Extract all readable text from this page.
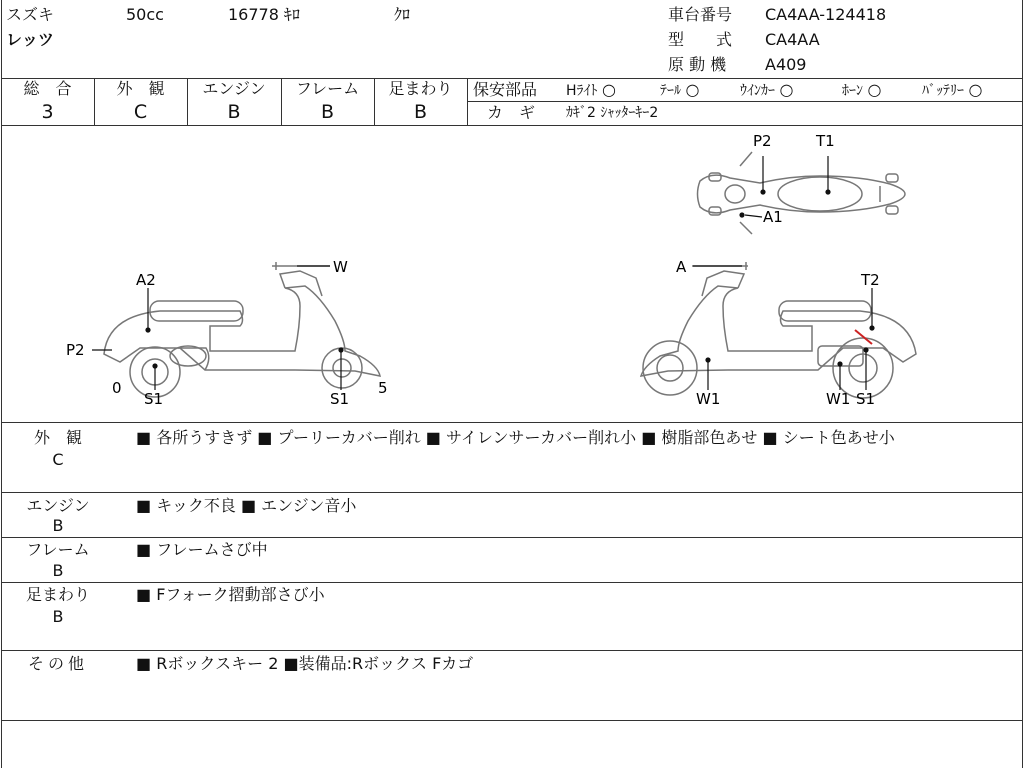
スズキ	50cc	16778 ｷﾛ	ｸﾛ
レッツ
車台番号 CA4AA-124418
型　　式 CA4AA
原 動 機 A409
総　合
3
外　観
C
エンジン
B
フレーム
B
足まわり
B
保安部品 Hﾗｲﾄ ○	ﾃｰﾙ ○	ｳｲﾝｶｰ ○	ﾎｰﾝ ○	ﾊﾞｯﾃﾘｰ ○
カ　ギ ｶｷﾞ2 ｼｬｯﾀｰｷｰ2
P2	T1
A1
A2
W
P2
0
S1	S1
5
A
T2
W1	W1 S1
外　観
C
■ 各所うすきず ■ プーリーカバー削れ ■ サイレンサーカバー削れ小 ■ 樹脂部色あせ ■ シート色あせ小
エンジン
B
■ キック不良 ■ エンジン音小
フレーム
B
■ フレームさび中
足まわり
B
■ Fフォーク摺動部さび小
その他	■ Rボックスキー 2 ■装備品:Rボックス Fカゴ
